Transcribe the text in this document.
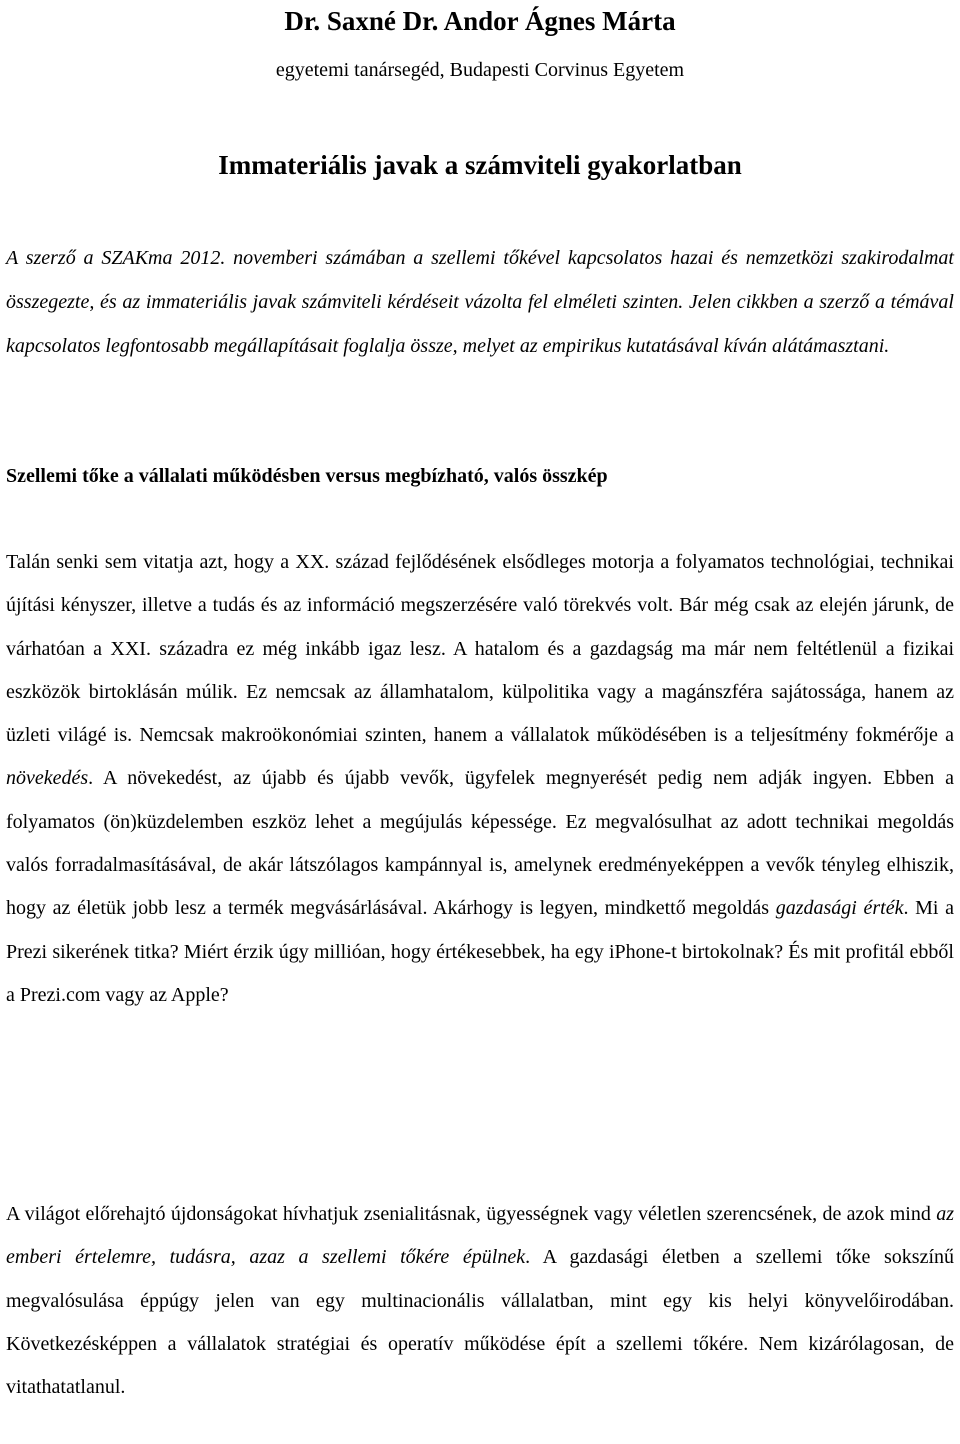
Dr. Saxné Dr. Andor Ágnes Márta

egyetemi tanársegéd, Budapesti Corvinus Egyetem

Immateriális javak a számviteli gyakorlatban

A szerző a SZAKma 2012. novemberi számában a szellemi tőkével kapcsolatos hazai és nemzetközi szakirodalmat összegezte, és az immateriális javak számviteli kérdéseit vázolta fel elméleti szinten. Jelen cikkben a szerző a témával kapcsolatos legfontosabb megállapításait foglalja össze, melyet az empirikus kutatásával kíván alátámasztani.

Szellemi tőke a vállalati működésben versus megbízható, valós összkép

Talán senki sem vitatja azt, hogy a XX. század fejlődésének elsődleges motorja a folyamatos technológiai, technikai újítási kényszer, illetve a tudás és az információ megszerzésére való törekvés volt. Bár még csak az elején járunk, de várhatóan a XXI. századra ez még inkább igaz lesz. A hatalom és a gazdagság ma már nem feltétlenül a fizikai eszközök birtoklásán múlik. Ez nemcsak az államhatalom, külpolitika vagy a magánszféra sajátossága, hanem az üzleti világé is. Nemcsak makroökonómiai szinten, hanem a vállalatok működésében is a teljesítmény fokmérője a növekedés. A növekedést, az újabb és újabb vevők, ügyfelek megnyerését pedig nem adják ingyen. Ebben a folyamatos (ön)küzdelemben eszköz lehet a megújulás képessége. Ez megvalósulhat az adott technikai megoldás valós forradalmasításával, de akár látszólagos kampánnyal is, amelynek eredményeképpen a vevők tényleg elhiszik, hogy az életük jobb lesz a termék megvásárlásával. Akárhogy is legyen, mindkettő megoldás gazdasági érték. Mi a Prezi sikerének titka? Miért érzik úgy millióan, hogy értékesebbek, ha egy iPhone-t birtokolnak? És mit profitál ebből a Prezi.com vagy az Apple?

A világot előrehajtó újdonságokat hívhatjuk zsenialitásnak, ügyességnek vagy véletlen szerencsének, de azok mind az emberi értelemre, tudásra, azaz a szellemi tőkére épülnek. A gazdasági életben a szellemi tőke sokszínű megvalósulása éppúgy jelen van egy multinacionális vállalatban, mint egy kis helyi könyvelőirodában. Következésképpen a vállalatok stratégiai és operatív működése épít a szellemi tőkére. Nem kizárólagosan, de vitathatatlanul.
